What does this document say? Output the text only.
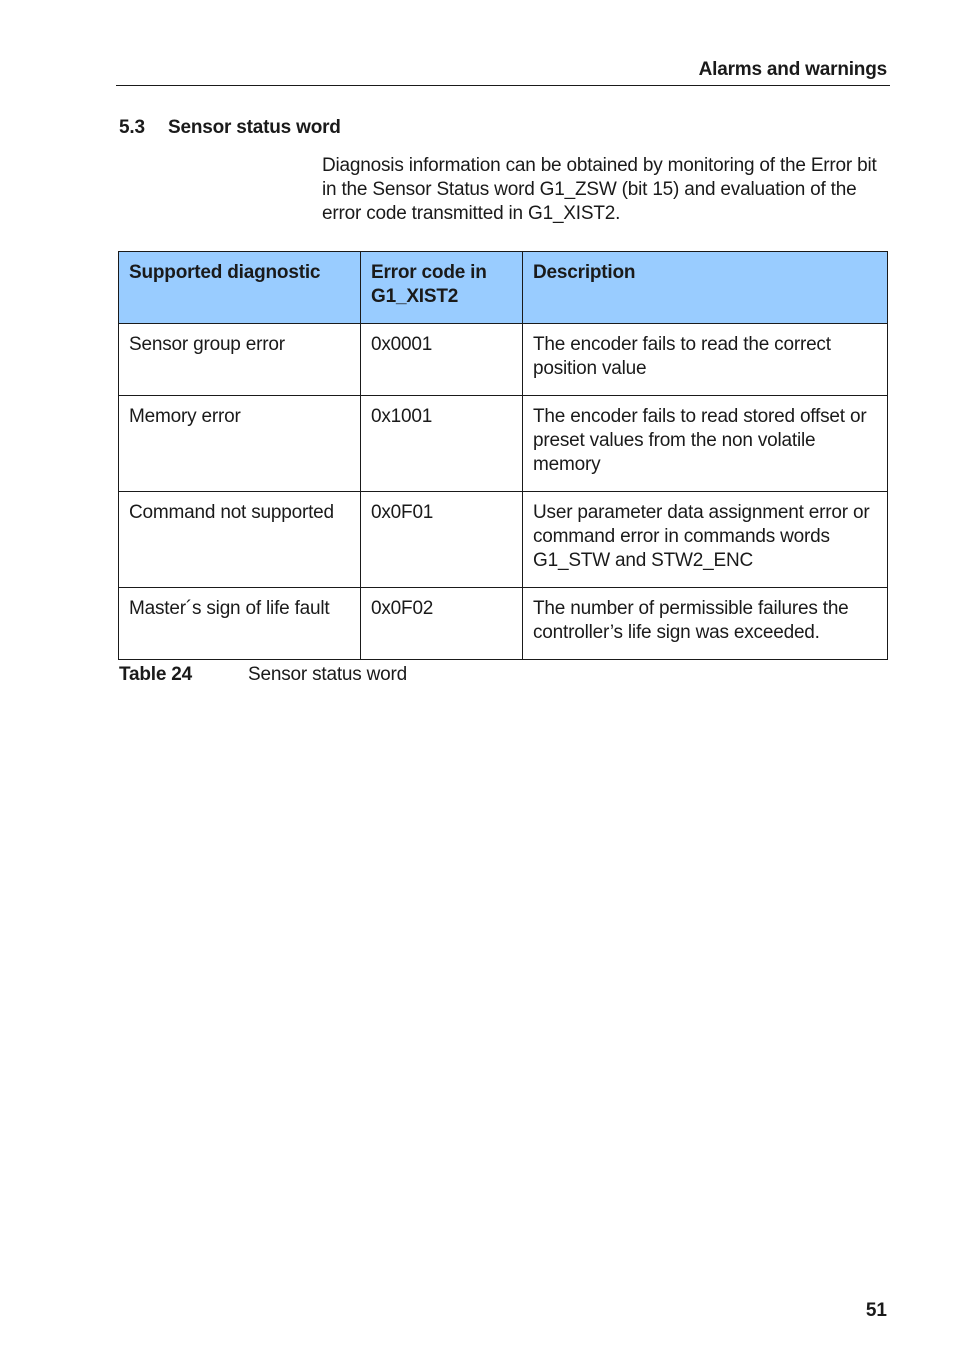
Alarms and warnings
5.3 Sensor status word

Diagnosis information can be obtained by monitoring of the Error bit in the Sensor Status word G1_ZSW (bit 15) and evaluation of the error code transmitted in G1_XIST2.

Supported diagnostic	Error code in G1_XIST2	Description
Sensor group error	0x0001	The encoder fails to read the correct position value
Memory error	0x1001	The encoder fails to read stored offset or preset values from the non volatile memory
Command not supported	0x0F01	User parameter data assignment error or command error in commands words G1_STW and STW2_ENC
Master´s sign of life fault	0x0F02	The number of permissible failures the controller’s life sign was exceeded.
Table 24	Sensor status word
51
